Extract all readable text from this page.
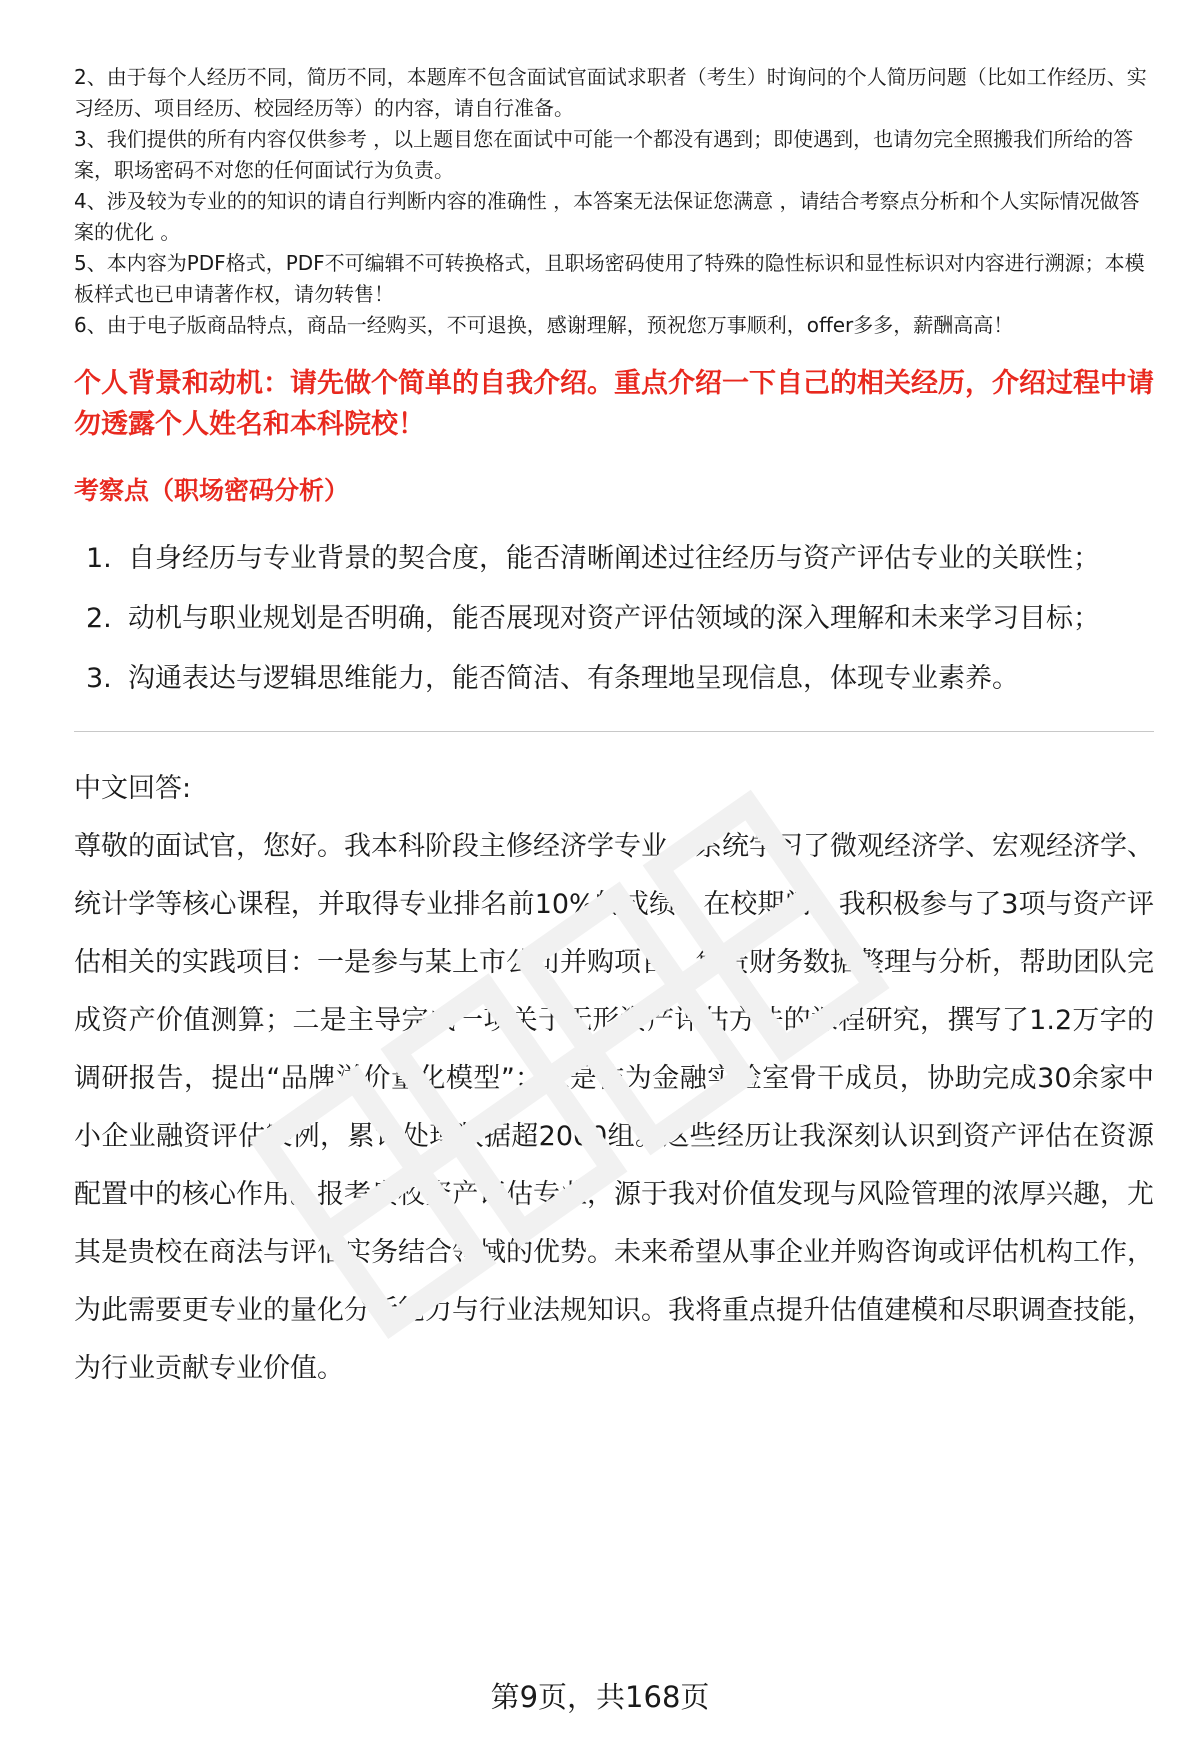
2、由于每个人经历不同，简历不同，本题库不包含面试官面试求职者（考生）时询问的个人简历问题（比如工作经历、实习经历、项目经历、校园经历等）的内容，请自行准备。

3、我们提供的所有内容仅供参考 ，以上题目您在面试中可能一个都没有遇到；即使遇到，也请勿完全照搬我们所给的答案，职场密码不对您的任何面试行为负责。

4、涉及较为专业的的知识的请自行判断内容的准确性 ，本答案无法保证您满意 ，请结合考察点分析和个人实际情况做答案的优化 。

5、本内容为PDF格式，PDF不可编辑不可转换格式，且职场密码使用了特殊的隐性标识和显性标识对内容进行溯源；本模板样式也已申请著作权，请勿转售！

6、由于电子版商品特点，商品一经购买，不可退换，感谢理解，预祝您万事顺利，offer多多，薪酬高高！

个人背景和动机：请先做个简单的自我介绍。重点介绍一下自己的相关经历，介绍过程中请勿透露个人姓名和本科院校！
考察点（职场密码分析）
1. 自身经历与专业背景的契合度，能否清晰阐述过往经历与资产评估专业的关联性；
2. 动机与职业规划是否明确，能否展现对资产评估领域的深入理解和未来学习目标；
3. 沟通表达与逻辑思维能力，能否简洁、有条理地呈现信息，体现专业素养。
中文回答:

尊敬的面试官，您好。我本科阶段主修经济学专业，系统学习了微观经济学、宏观经济学、统计学等核心课程，并取得专业排名前10%的成绩。在校期间，我积极参与了3项与资产评估相关的实践项目：一是参与某上市公司并购项目，负责财务数据整理与分析，帮助团队完成资产价值测算；二是主导完成一项关于无形资产评估方法的课程研究，撰写了1.2万字的调研报告，提出“品牌溢价量化模型”；三是作为金融实验室骨干成员，协助完成30余家中小企业融资评估案例，累计处理数据超2000组。这些经历让我深刻认识到资产评估在资源配置中的核心作用。报考贵校资产评估专业，源于我对价值发现与风险管理的浓厚兴趣，尤其是贵校在商法与评估实务结合领域的优势。未来希望从事企业并购咨询或评估机构工作，为此需要更专业的量化分析能力与行业法规知识。我将重点提升估值建模和尽职调查技能，为行业贡献专业价值。

第9页，共168页
